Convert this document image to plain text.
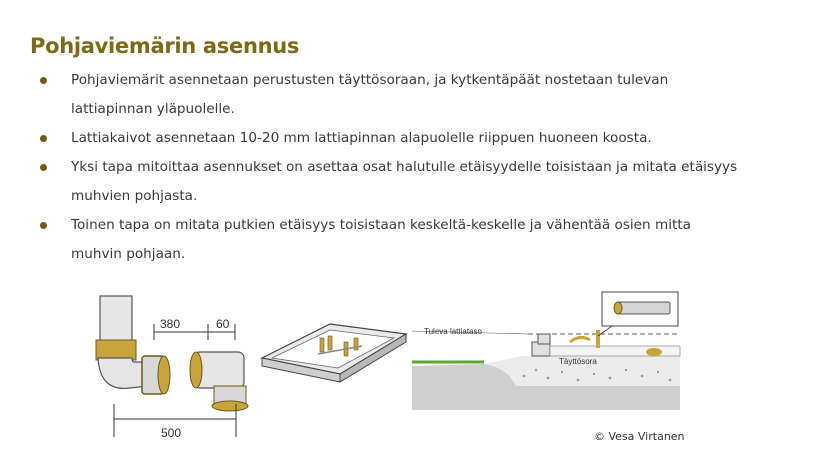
Pohjaviemärin asennus
Pohjaviemärit asennetaan perustusten täyttösoraan, ja kytkentäpäät nostetaan tulevan lattiapinnan yläpuolelle.
Lattiakaivot asennetaan 10-20 mm lattiapinnan alapuolelle riippuen huoneen koosta.
Yksi tapa mitoittaa asennukset on asettaa osat halutulle etäisyydelle toisistaan ja mitata etäisyys muhvien pohjasta.
Toinen tapa on mitata putkien etäisyys toisistaan keskeltä-keskelle ja vähentää osien mitta muhvin pohjaan.
380	60
500
Tuleva lattiataso
Täyttösora
© Vesa Virtanen
